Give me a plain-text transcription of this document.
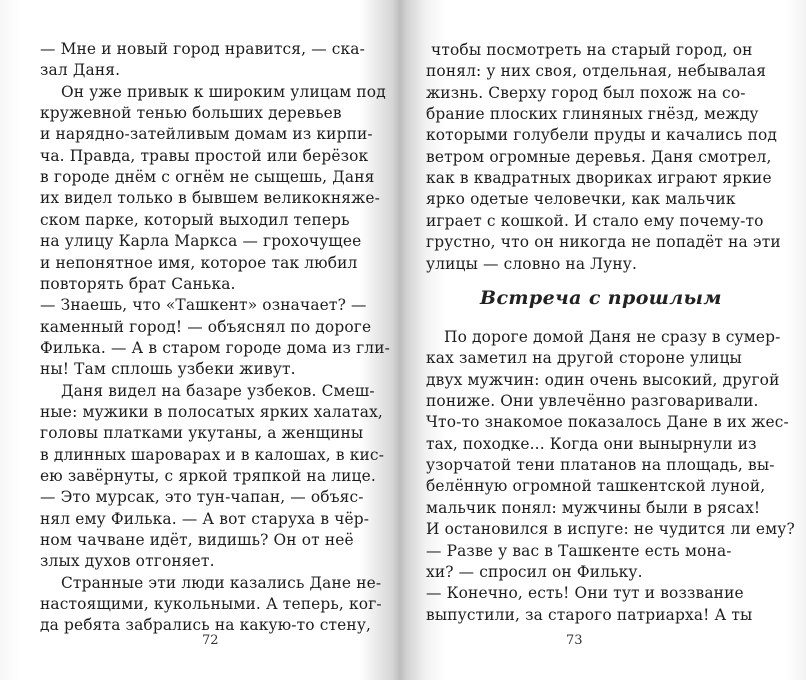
— Мне и новый город нравится, — ска-
зал Даня.
Он уже привык к широким улицам под
кружевной тенью больших деревьев
и нарядно-затейливым домам из кирпи-
ча. Правда, травы простой или берёзок
в городе днём с огнём не сыщешь, Даня
их видел только в бывшем великокняже-
ском парке, который выходил теперь
на улицу Карла Маркса — грохочущее
и непонятное имя, которое так любил
повторять брат Санька.
— Знаешь, что «Ташкент» означает? —
каменный город! — объяснял по дороге
Филька. — А в старом городе дома из гли-
ны! Там сплошь узбеки живут.
Даня видел на базаре узбеков. Смеш-
ные: мужики в полосатых ярких халатах,
головы платками укутаны, а женщины
в длинных шароварах и в калошах, в кис-
ею завёрнуты, с яркой тряпкой на лице.
— Это мурсак, это тун-чапан, — объяс-
нял ему Филька. — А вот старуха в чёр-
ном чачване идёт, видишь? Он от неё
злых духов отгоняет.
Странные эти люди казались Дане не-
настоящими, кукольными. А теперь, ког-
да ребята забрались на какую-то стену,
72
чтобы посмотреть на старый город, он
понял: у них своя, отдельная, небывалая
жизнь. Сверху город был похож на со-
брание плоских глиняных гнёзд, между
которыми голубели пруды и качались под
ветром огромные деревья. Даня смотрел,
как в квадратных двориках играют яркие
ярко одетые человечки, как мальчик
играет с кошкой. И стало ему почему-то
грустно, что он никогда не попадёт на эти
улицы — словно на Луну.
Встреча с прошлым
По дороге домой Даня не сразу в сумер-
ках заметил на другой стороне улицы
двух мужчин: один очень высокий, другой
пониже. Они увлечённо разговаривали.
Что-то знакомое показалось Дане в их жес-
тах, походке... Когда они вынырнули из
узорчатой тени платанов на площадь, вы-
белённую огромной ташкентской луной,
мальчик понял: мужчины были в рясах!
И остановился в испуге: не чудится ли ему?
— Разве у вас в Ташкенте есть мона-
хи? — спросил он Фильку.
— Конечно, есть! Они тут и воззвание
выпустили, за старого патриарха! А ты
73
